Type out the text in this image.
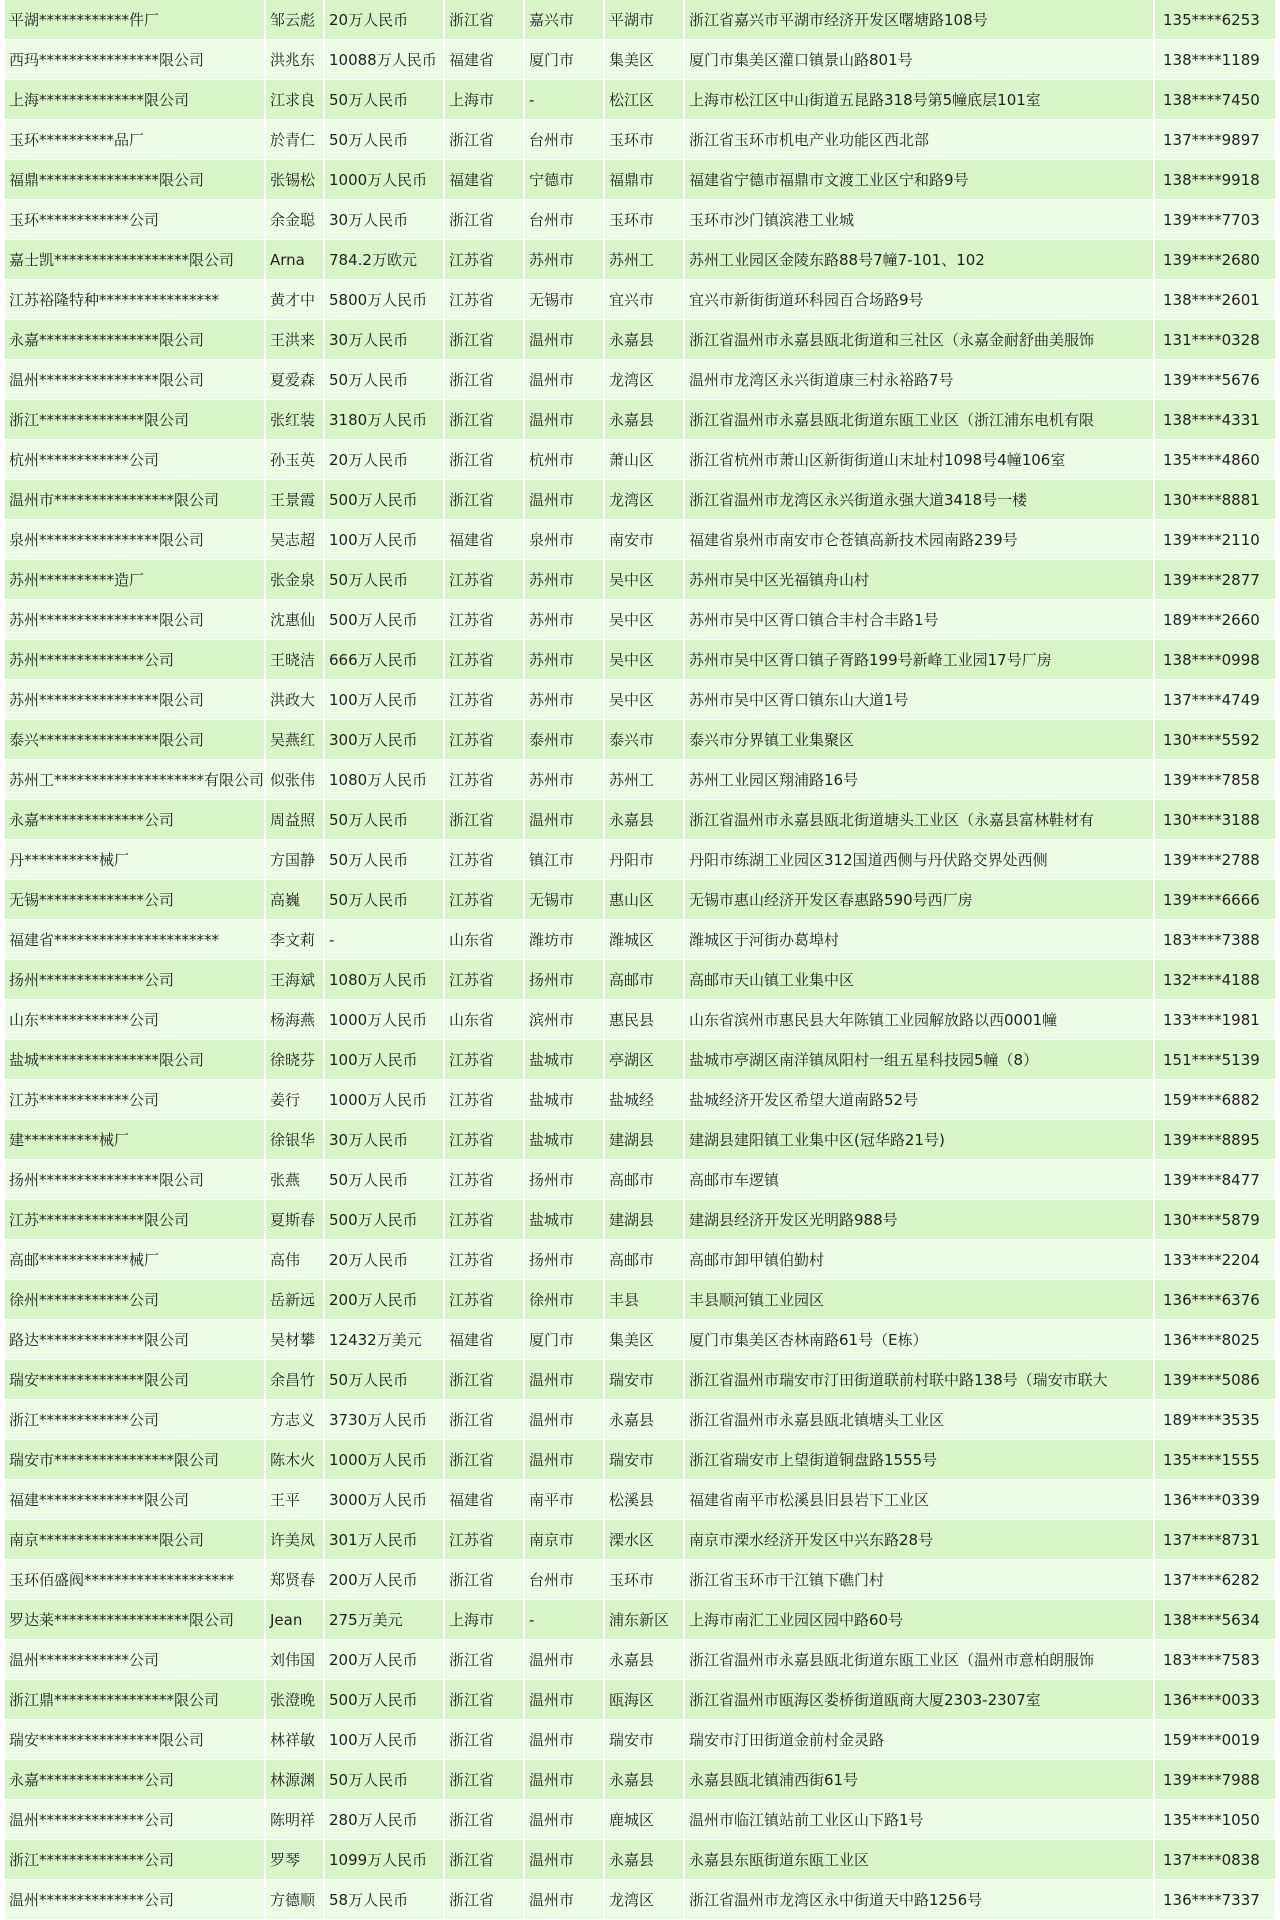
平湖************件厂	邹云彪	20万人民币	浙江省	嘉兴市	平湖市	浙江省嘉兴市平湖市经济开发区曙塘路108号	135****6253
西玛****************限公司	洪兆东	10088万人民币	福建省	厦门市	集美区	厦门市集美区灌口镇景山路801号	138****1189
上海**************限公司	江求良	50万人民币	上海市	-	松江区	上海市松江区中山街道五昆路318号第5幢底层101室	138****7450
玉环**********品厂	於青仁	50万人民币	浙江省	台州市	玉环市	浙江省玉环市机电产业功能区西北部	137****9897
福鼎****************限公司	张锡松	1000万人民币	福建省	宁德市	福鼎市	福建省宁德市福鼎市文渡工业区宁和路9号	138****9918
玉环************公司	余金聪	30万人民币	浙江省	台州市	玉环市	玉环市沙门镇滨港工业城	139****7703
嘉士凯******************限公司	Arna	784.2万欧元	江苏省	苏州市	苏州工	苏州工业园区金陵东路88号7幢7-101、102	139****2680
江苏裕隆特种****************	黄才中	5800万人民币	江苏省	无锡市	宜兴市	宜兴市新街街道环科园百合场路9号	138****2601
永嘉****************限公司	王洪来	30万人民币	浙江省	温州市	永嘉县	浙江省温州市永嘉县瓯北街道和三社区（永嘉金耐舒曲美服饰	131****0328
温州****************限公司	夏爱森	50万人民币	浙江省	温州市	龙湾区	温州市龙湾区永兴街道康三村永裕路7号	139****5676
浙江**************限公司	张红装	3180万人民币	浙江省	温州市	永嘉县	浙江省温州市永嘉县瓯北街道东瓯工业区（浙江浦东电机有限	138****4331
杭州************公司	孙玉英	20万人民币	浙江省	杭州市	萧山区	浙江省杭州市萧山区新街街道山末址村1098号4幢106室	135****4860
温州市****************限公司	王景霞	500万人民币	浙江省	温州市	龙湾区	浙江省温州市龙湾区永兴街道永强大道3418号一楼	130****8881
泉州****************限公司	吴志超	100万人民币	福建省	泉州市	南安市	福建省泉州市南安市仑苍镇高新技术园南路239号	139****2110
苏州**********造厂	张金泉	50万人民币	江苏省	苏州市	吴中区	苏州市吴中区光福镇舟山村	139****2877
苏州****************限公司	沈惠仙	500万人民币	江苏省	苏州市	吴中区	苏州市吴中区胥口镇合丰村合丰路1号	189****2660
苏州**************公司	王晓洁	666万人民币	江苏省	苏州市	吴中区	苏州市吴中区胥口镇子胥路199号新峰工业园17号厂房	138****0998
苏州****************限公司	洪政大	100万人民币	江苏省	苏州市	吴中区	苏州市吴中区胥口镇东山大道1号	137****4749
泰兴****************限公司	吴燕红	300万人民币	江苏省	泰州市	泰兴市	泰兴市分界镇工业集聚区	130****5592
苏州工********************有限公司	似张伟	1080万人民币	江苏省	苏州市	苏州工	苏州工业园区翔浦路16号	139****7858
永嘉**************公司	周益照	50万人民币	浙江省	温州市	永嘉县	浙江省温州市永嘉县瓯北街道塘头工业区（永嘉县富林鞋材有	130****3188
丹**********械厂	方国静	50万人民币	江苏省	镇江市	丹阳市	丹阳市练湖工业园区312国道西侧与丹伏路交界处西侧	139****2788
无锡**************公司	高巍	50万人民币	江苏省	无锡市	惠山区	无锡市惠山经济开发区春惠路590号西厂房	139****6666
福建省**********************	李文莉	-	山东省	潍坊市	潍城区	潍城区于河街办葛埠村	183****7388
扬州**************公司	王海斌	1080万人民币	江苏省	扬州市	高邮市	高邮市天山镇工业集中区	132****4188
山东************公司	杨海燕	1000万人民币	山东省	滨州市	惠民县	山东省滨州市惠民县大年陈镇工业园解放路以西0001幢	133****1981
盐城****************限公司	徐晓芬	100万人民币	江苏省	盐城市	亭湖区	盐城市亭湖区南洋镇凤阳村一组五星科技园5幢（8）	151****5139
江苏************公司	姜行	1000万人民币	江苏省	盐城市	盐城经	盐城经济开发区希望大道南路52号	159****6882
建**********械厂	徐银华	30万人民币	江苏省	盐城市	建湖县	建湖县建阳镇工业集中区(冠华路21号)	139****8895
扬州****************限公司	张燕	50万人民币	江苏省	扬州市	高邮市	高邮市车逻镇	139****8477
江苏**************限公司	夏斯春	500万人民币	江苏省	盐城市	建湖县	建湖县经济开发区光明路988号	130****5879
高邮************械厂	高伟	20万人民币	江苏省	扬州市	高邮市	高邮市卸甲镇伯勤村	133****2204
徐州************公司	岳新远	200万人民币	江苏省	徐州市	丰县	丰县顺河镇工业园区	136****6376
路达**************限公司	吴材攀	12432万美元	福建省	厦门市	集美区	厦门市集美区杏林南路61号（E栋）	136****8025
瑞安**************限公司	余昌竹	50万人民币	浙江省	温州市	瑞安市	浙江省温州市瑞安市汀田街道联前村联中路138号（瑞安市联大	139****5086
浙江************公司	方志义	3730万人民币	浙江省	温州市	永嘉县	浙江省温州市永嘉县瓯北镇塘头工业区	189****3535
瑞安市****************限公司	陈木火	1000万人民币	浙江省	温州市	瑞安市	浙江省瑞安市上望街道铜盘路1555号	135****1555
福建**************限公司	王平	3000万人民币	福建省	南平市	松溪县	福建省南平市松溪县旧县岩下工业区	136****0339
南京****************限公司	许美凤	301万人民币	江苏省	南京市	溧水区	南京市溧水经济开发区中兴东路28号	137****8731
玉环佰盛阀********************	郑贤春	200万人民币	浙江省	台州市	玉环市	浙江省玉环市干江镇下礁门村	137****6282
罗达莱******************限公司	Jean	275万美元	上海市	-	浦东新区	上海市南汇工业园区园中路60号	138****5634
温州************公司	刘伟国	200万人民币	浙江省	温州市	永嘉县	浙江省温州市永嘉县瓯北街道东瓯工业区（温州市意柏朗服饰	183****7583
浙江鼎****************限公司	张澄晚	500万人民币	浙江省	温州市	瓯海区	浙江省温州市瓯海区娄桥街道瓯商大厦2303-2307室	136****0033
瑞安****************限公司	林祥敏	100万人民币	浙江省	温州市	瑞安市	瑞安市汀田街道金前村金灵路	159****0019
永嘉**************公司	林源渊	50万人民币	浙江省	温州市	永嘉县	永嘉县瓯北镇浦西街61号	139****7988
温州**************公司	陈明祥	280万人民币	浙江省	温州市	鹿城区	温州市临江镇站前工业区山下路1号	135****1050
浙江**************公司	罗琴	1099万人民币	浙江省	温州市	永嘉县	永嘉县东瓯街道东瓯工业区	137****0838
温州**************公司	方德顺	58万人民币	浙江省	温州市	龙湾区	浙江省温州市龙湾区永中街道天中路1256号	136****7337
